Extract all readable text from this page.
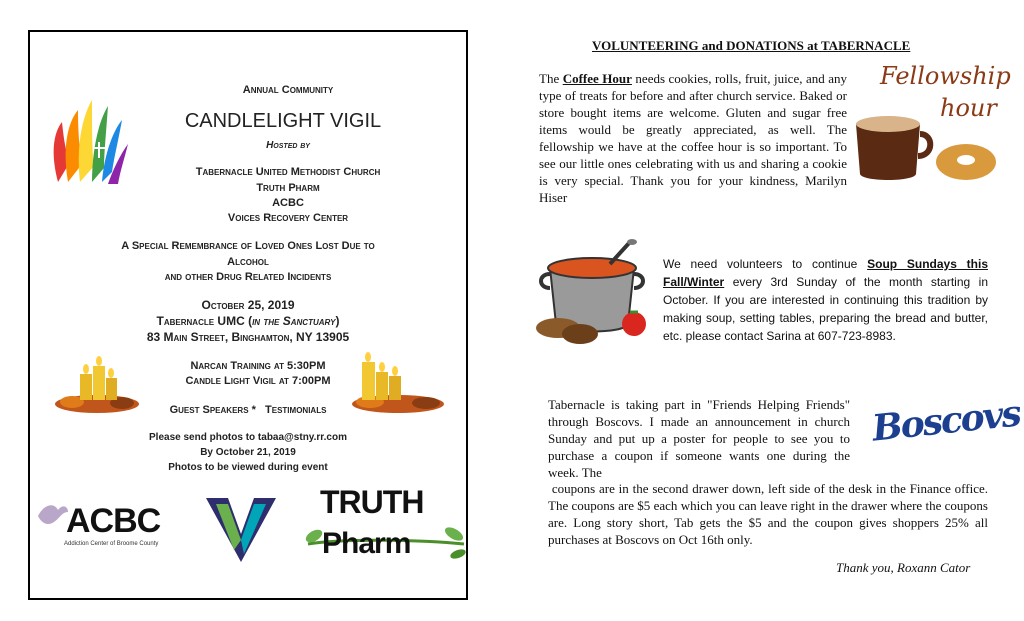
Annual Community
CANDLELIGHT VIGIL
Hosted by
Tabernacle United Methodist Church
Truth Pharm
ACBC
Voices Recovery Center
A Special Remembrance of Loved Ones Lost Due to
Alcohol
and other Drug Related Incidents
October 25, 2019
Tabernacle UMC (in the Sanctuary)
83 Main Street, Binghamton, NY 13905
Narcan Training at 5:30PM
Candle Light Vigil at 7:00PM
Guest Speakers *   Testimonials
Please send photos to tabaa@stny.rr.com
By October 21, 2019
Photos to be viewed during event
ACBC
Addiction Center of Broome County
TRUTH
Pharm
VOLUNTEERING and DONATIONS at TABERNACLE
The Coffee Hour needs cookies, rolls, fruit, juice, and any type of treats for before and after church service. Baked or store bought items are welcome. Gluten and sugar free items would be greatly appreciated, as well. The fellowship we have at the coffee hour is so important. To see our little ones celebrating with us and sharing a cookie is very special. Thank you for your kindness, Marilyn Hiser
Fellowship
hour
We need volunteers to continue Soup Sundays this Fall/Winter every 3rd Sunday of the month starting in October. If you are interested in continuing this tradition by making soup, setting tables, preparing the bread and butter, etc. please contact Sarina at 607-723-8983.
Tabernacle is taking part in "Friends Helping Friends" through Boscovs. I made an announcement in church Sunday and put up a poster for people to see you to purchase a coupon if someone wants one during the week. The
Boscovs
coupons are in the second drawer down, left side of the desk in the Finance office. The coupons are $5 each which you can leave right in the drawer where the coupons are. Long story short, Tab gets the $5 and the coupon gives shoppers 25% all purchases at Boscovs on Oct 16th only.
Thank you, Roxann Cator
